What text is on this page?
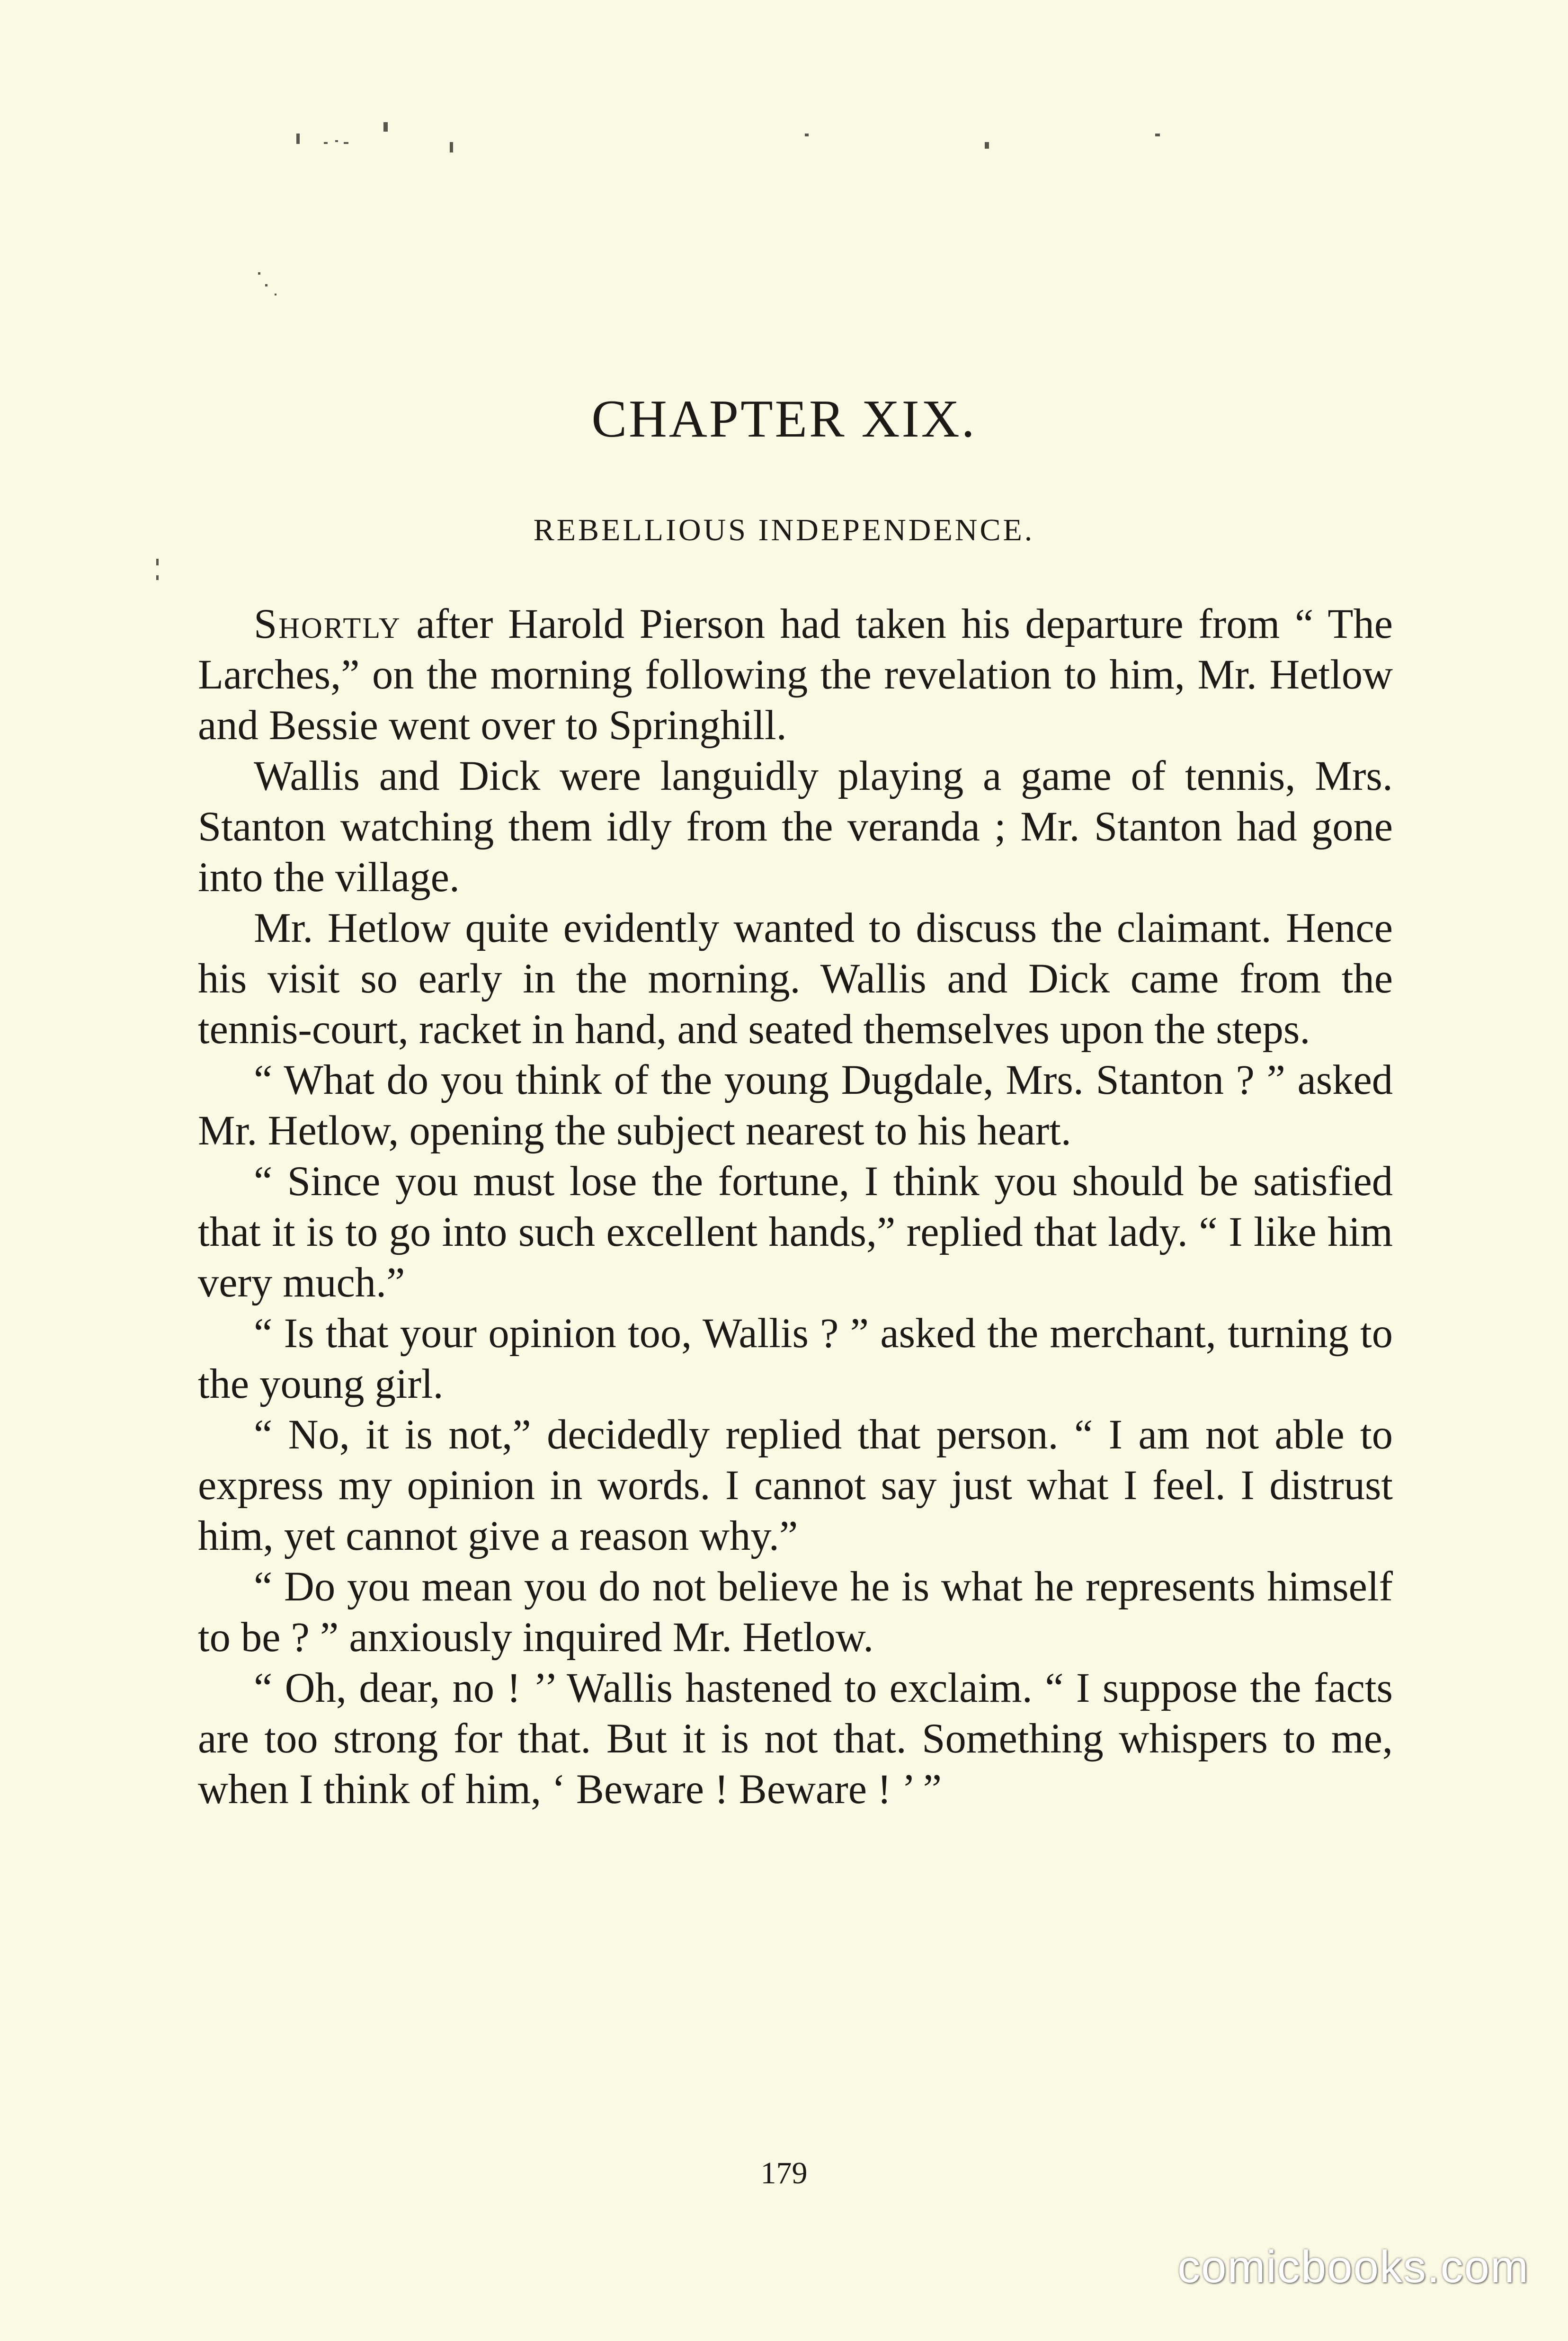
CHAPTER XIX.
REBELLIOUS INDEPENDENCE.

Shortly after Harold Pierson had taken his departure from “ The Larches,” on the morning following the revelation to him, Mr. Hetlow and Bessie went over to Springhill.

Wallis and Dick were languidly playing a game of tennis, Mrs. Stanton watching them idly from the veranda ; Mr. Stanton had gone into the village.

Mr. Hetlow quite evidently wanted to discuss the claimant. Hence his visit so early in the morning. Wallis and Dick came from the tennis-court, racket in hand, and seated themselves upon the steps.

“ What do you think of the young Dugdale, Mrs. Stanton ? ” asked Mr. Hetlow, opening the subject nearest to his heart.

“ Since you must lose the fortune, I think you should be satisfied that it is to go into such excellent hands,” replied that lady. “ I like him very much.”

“ Is that your opinion too, Wallis ? ” asked the merchant, turning to the young girl.

“ No, it is not,” decidedly replied that person. “ I am not able to express my opinion in words. I cannot say just what I feel. I distrust him, yet cannot give a reason why.”

“ Do you mean you do not believe he is what he represents himself to be ? ” anxiously inquired Mr. Hetlow.

“ Oh, dear, no ! ’’ Wallis hastened to exclaim. “ I suppose the facts are too strong for that. But it is not that. Something whispers to me, when I think of him, ‘ Beware ! Beware ! ’ ”

179
comicbooks.com
